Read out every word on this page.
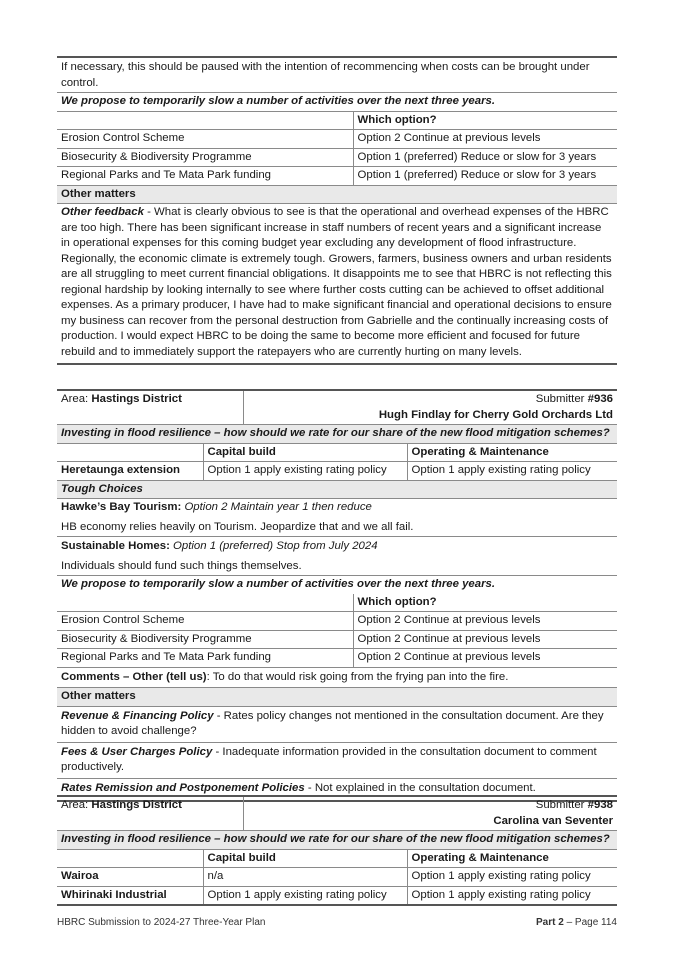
If necessary, this should be paused with the intention of recommencing when costs can be brought under control.
We propose to temporarily slow a number of activities over the next three years.
	Which option?
Erosion Control Scheme	Option 2 Continue at previous levels
Biosecurity & Biodiversity Programme	Option 1 (preferred) Reduce or slow for 3 years
Regional Parks and Te Mata Park funding	Option 1 (preferred) Reduce or slow for 3 years
Other matters
Other feedback - What is clearly obvious to see is that the operational and overhead expenses of the HBRC are too high. There has been significant increase in staff numbers of recent years and a significant increase in operational expenses for this coming budget year excluding any development of flood infrastructure. Regionally, the economic climate is extremely tough. Growers, farmers, business owners and urban residents are all struggling to meet current financial obligations. It disappoints me to see that HBRC is not reflecting this regional hardship by looking internally to see where further costs cutting can be achieved to offset additional expenses. As a primary producer, I have had to make significant financial and operational decisions to ensure my business can recover from the personal destruction from Gabrielle and the continually increasing costs of production. I would expect HBRC to be doing the same to become more efficient and focused for future rebuild and to immediately support the ratepayers who are currently hurting on many levels.
Area: Hastings District	Submitter #936
Hugh Findlay for Cherry Gold Orchards Ltd
Investing in flood resilience – how should we rate for our share of the new flood mitigation schemes?
	Capital build	Operating & Maintenance
Heretaunga extension	Option 1 apply existing rating policy	Option 1 apply existing rating policy
Tough Choices
Hawke’s Bay Tourism: Option 2 Maintain year 1 then reduce
HB economy relies heavily on Tourism. Jeopardize that and we all fail.
Sustainable Homes: Option 1 (preferred) Stop from July 2024
Individuals should fund such things themselves.
We propose to temporarily slow a number of activities over the next three years.
	Which option?
Erosion Control Scheme	Option 2 Continue at previous levels
Biosecurity & Biodiversity Programme	Option 2 Continue at previous levels
Regional Parks and Te Mata Park funding	Option 2 Continue at previous levels
Comments – Other (tell us): To do that would risk going from the frying pan into the fire.
Other matters
Revenue & Financing Policy - Rates policy changes not mentioned in the consultation document. Are they hidden to avoid challenge?
Fees & User Charges Policy - Inadequate information provided in the consultation document to comment productively.
Rates Remission and Postponement Policies - Not explained in the consultation document.
Area: Hastings District	Submitter #938
Carolina van Seventer
Investing in flood resilience – how should we rate for our share of the new flood mitigation schemes?
	Capital build	Operating & Maintenance
Wairoa	n/a	Option 1 apply existing rating policy
Whirinaki Industrial	Option 1 apply existing rating policy	Option 1 apply existing rating policy
HBRC Submission to 2024-27 Three-Year Plan	Part 2 – Page 114
